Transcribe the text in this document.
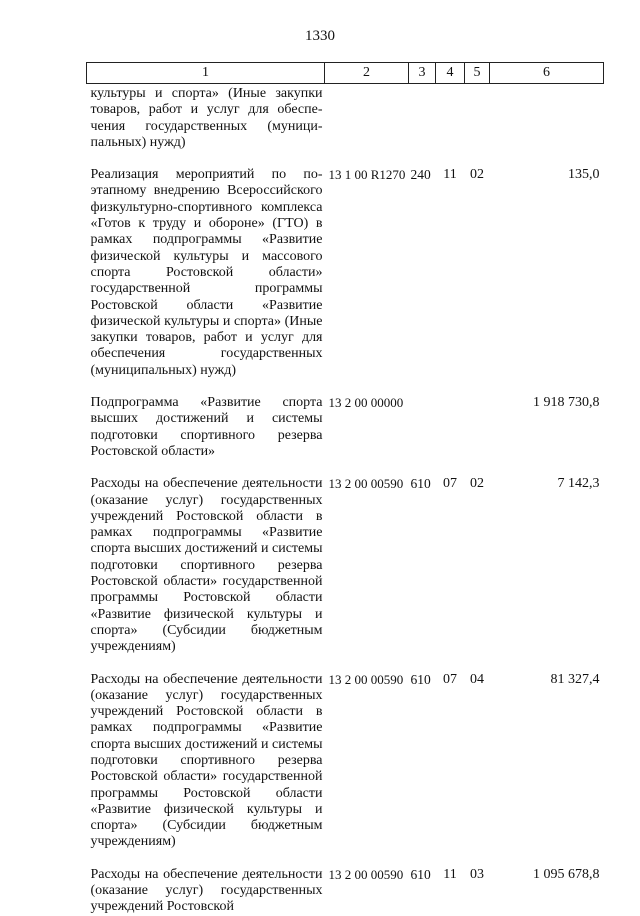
1330
1	2	3	4	5	6
культуры и спорта» (Иные закупки товаров, работ и услуг для обеспечения государственных (муниципальных) нужд)					
Реализация мероприятий по поэтапному внедрению Всероссийского физкультурно-спортивного комплекса «Готов к труду и обороне» (ГТО) в рамках подпрограммы «Развитие физической культуры и массового спорта Ростовской области» государственной программы Ростовской области «Развитие физической культуры и спорта» (Иные закупки товаров, работ и услуг для обеспечения государственных (муниципальных) нужд)	13 1 00 R1270	240	11	02	135,0
Подпрограмма «Развитие спорта высших достижений и системы подготовки спортивного резерва Ростовской области»	13 2 00 00000				1 918 730,8
Расходы на обеспечение деятельности (оказание услуг) государственных учреждений Ростовской области в рамках подпрограммы «Развитие спорта высших достижений и системы подготовки спортивного резерва Ростовской области» государственной программы Ростовской области «Развитие физической культуры и спорта» (Субсидии бюджетным учреждениям)	13 2 00 00590	610	07	02	7 142,3
Расходы на обеспечение деятельности (оказание услуг) государственных учреждений Ростовской области в рамках подпрограммы «Развитие спорта высших достижений и системы подготовки спортивного резерва Ростовской области» государственной программы Ростовской области «Развитие физической культуры и спорта» (Субсидии бюджетным учреждениям)	13 2 00 00590	610	07	04	81 327,4
Расходы на обеспечение деятельности (оказание услуг) государственных учреждений Ростовской	13 2 00 00590	610	11	03	1 095 678,8
